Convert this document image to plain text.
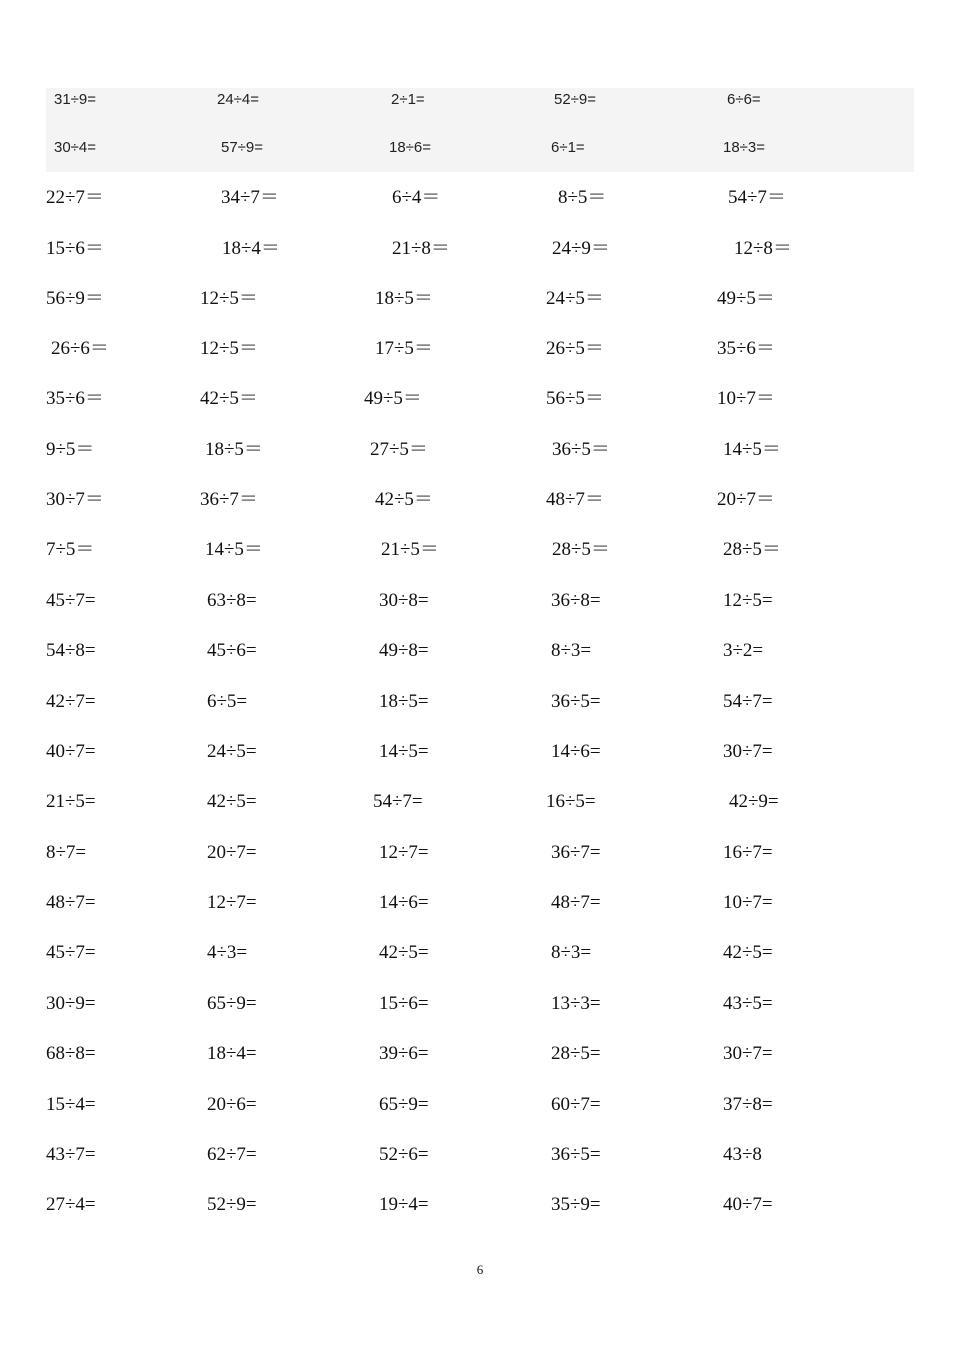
31÷9=	24÷4=	2÷1=	52÷9=	6÷6=
30÷4=	57÷9=	18÷6=	6÷1=	18÷3=
22÷7＝	34÷7＝	6÷4＝	8÷5＝	54÷7＝
15÷6＝	18÷4＝	21÷8＝	24÷9＝	12÷8＝
56÷9＝	12÷5＝	18÷5＝	24÷5＝	49÷5＝
26÷6＝	12÷5＝	17÷5＝	26÷5＝	35÷6＝
35÷6＝	42÷5＝	49÷5＝	56÷5＝	10÷7＝
9÷5＝	18÷5＝	27÷5＝	36÷5＝	14÷5＝
30÷7＝	36÷7＝	42÷5＝	48÷7＝	20÷7＝
7÷5＝	14÷5＝	21÷5＝	28÷5＝	28÷5＝
45÷7=	63÷8=	30÷8=	36÷8=	12÷5=
54÷8=	45÷6=	49÷8=	8÷3=	3÷2=
42÷7=	6÷5=	18÷5=	36÷5=	54÷7=
40÷7=	24÷5=	14÷5=	14÷6=	30÷7=
21÷5=	42÷5=	54÷7=	16÷5=	42÷9=
8÷7=	20÷7=	12÷7=	36÷7=	16÷7=
48÷7=	12÷7=	14÷6=	48÷7=	10÷7=
45÷7=	4÷3=	42÷5=	8÷3=	42÷5=
30÷9=	65÷9=	15÷6=	13÷3=	43÷5=
68÷8=	18÷4=	39÷6=	28÷5=	30÷7=
15÷4=	20÷6=	65÷9=	60÷7=	37÷8=
43÷7=	62÷7=	52÷6=	36÷5=	43÷8
27÷4=	52÷9=	19÷4=	35÷9=	40÷7=
6
